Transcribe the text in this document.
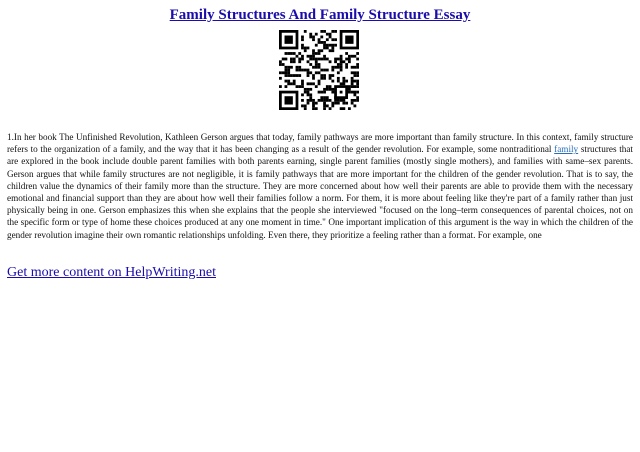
Family Structures And Family Structure Essay

1.In her book The Unfinished Revolution, Kathleen Gerson argues that today, family pathways are more important than family structure. In this context, family structure refers to the organization of a family, and the way that it has been changing as a result of the gender revolution. For example, some nontraditional family structures that are explored in the book include double parent families with both parents earning, single parent families (mostly single mothers), and families with same–sex parents. Gerson argues that while family structures are not negligible, it is family pathways that are more important for the children of the gender revolution. That is to say, the children value the dynamics of their family more than the structure. They are more concerned about how well their parents are able to provide them with the necessary emotional and financial support than they are about how well their families follow a norm. For them, it is more about feeling like they're part of a family rather than just physically being in one. Gerson emphasizes this when she explains that the people she interviewed "focused on the long–term consequences of parental choices, not on the specific form or type of home these choices produced at any one moment in time." One important implication of this argument is the way in which the children of the gender revolution imagine their own romantic relationships unfolding. Even there, they prioritize a feeling rather than a format. For example, one

Get more content on HelpWriting.net
